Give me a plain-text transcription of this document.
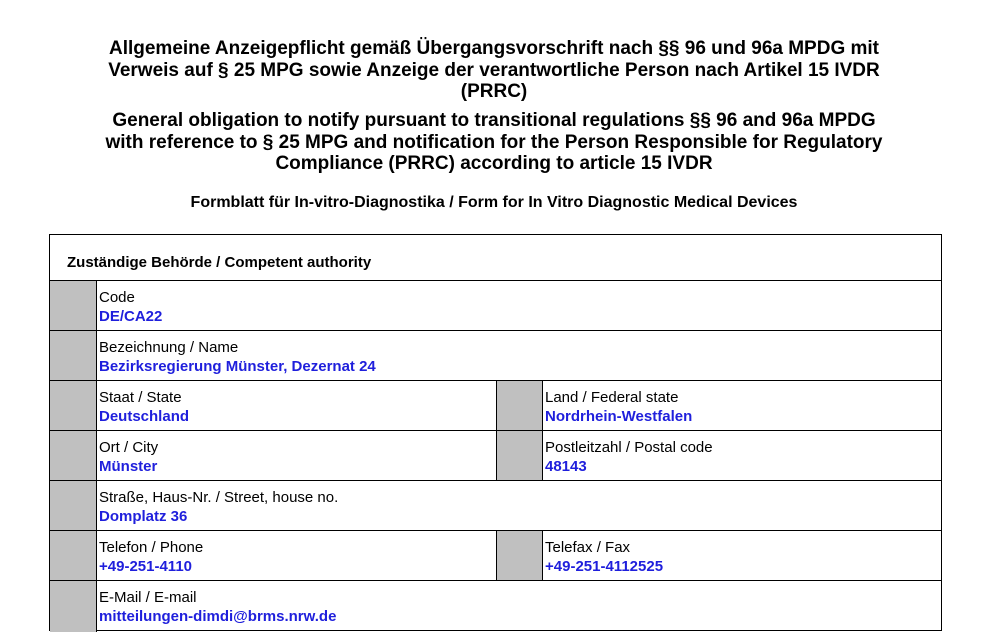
Allgemeine Anzeigepflicht gemäß Übergangsvorschrift nach §§ 96 und 96a MPDG mit
Verweis auf § 25 MPG sowie Anzeige der verantwortliche Person nach Artikel 15 IVDR
(PRRC)
General obligation to notify pursuant to transitional regulations §§ 96 and 96a MPDG
with reference to § 25 MPG and notification for the Person Responsible for Regulatory
Compliance (PRRC) according to article 15 IVDR
Formblatt für In-vitro-Diagnostika / Form for In Vitro Diagnostic Medical Devices
Zuständige Behörde / Competent authority
Code
DE/CA22
Bezeichnung / Name
Bezirksregierung Münster, Dezernat 24
Staat / State
Deutschland
Land / Federal state
Nordrhein-Westfalen
Ort / City
Münster
Postleitzahl / Postal code
48143
Straße, Haus-Nr. / Street, house no.
Domplatz 36
Telefon / Phone
+49-251-4110
Telefax / Fax
+49-251-4112525
E-Mail / E-mail
mitteilungen-dimdi@brms.nrw.de
